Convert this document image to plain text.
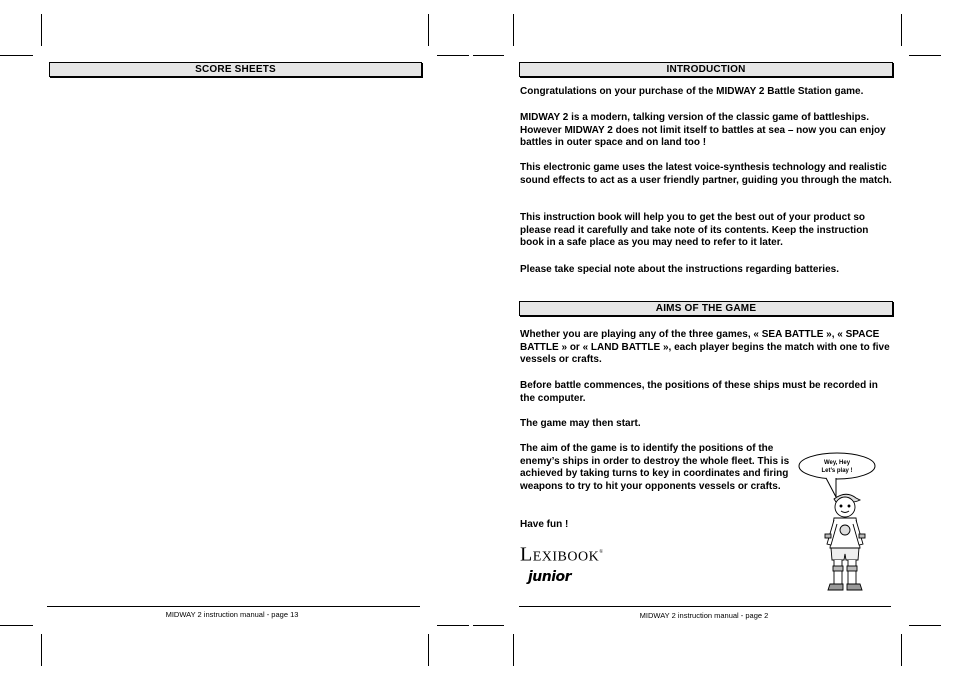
SCORE SHEETS
MIDWAY 2 instruction manual - page 13
INTRODUCTION
Congratulations on your purchase of the MIDWAY 2 Battle Station game.
MIDWAY 2 is a modern, talking version of the classic game of battleships. However MIDWAY 2 does not limit itself to battles at sea – now you can enjoy battles in outer space and on land too !
This electronic game uses the latest voice-synthesis technology and realistic sound effects to act as a user friendly partner, guiding you through the match.
This instruction book will help you to get the best out of your product so please read it carefully and take note of its contents. Keep the instruction book in a safe place as you may need to refer to it later.
Please take special note about the instructions regarding batteries.
AIMS OF THE GAME
Whether you are playing any of the three games, « SEA BATTLE », « SPACE BATTLE » or « LAND BATTLE », each player begins the match with one to five vessels or crafts.
Before battle commences, the positions of these ships must be recorded in the computer.
The game may then start.
The aim of the game is to identify the positions of the enemy’s ships in order to destroy the whole fleet. This is achieved by taking turns to key in coordinates and firing weapons to try to hit your opponents vessels or crafts.
Have fun !
LEXIBOOK®
junior
Wey, Hey
Let’s play !
MIDWAY 2 instruction manual - page 2
